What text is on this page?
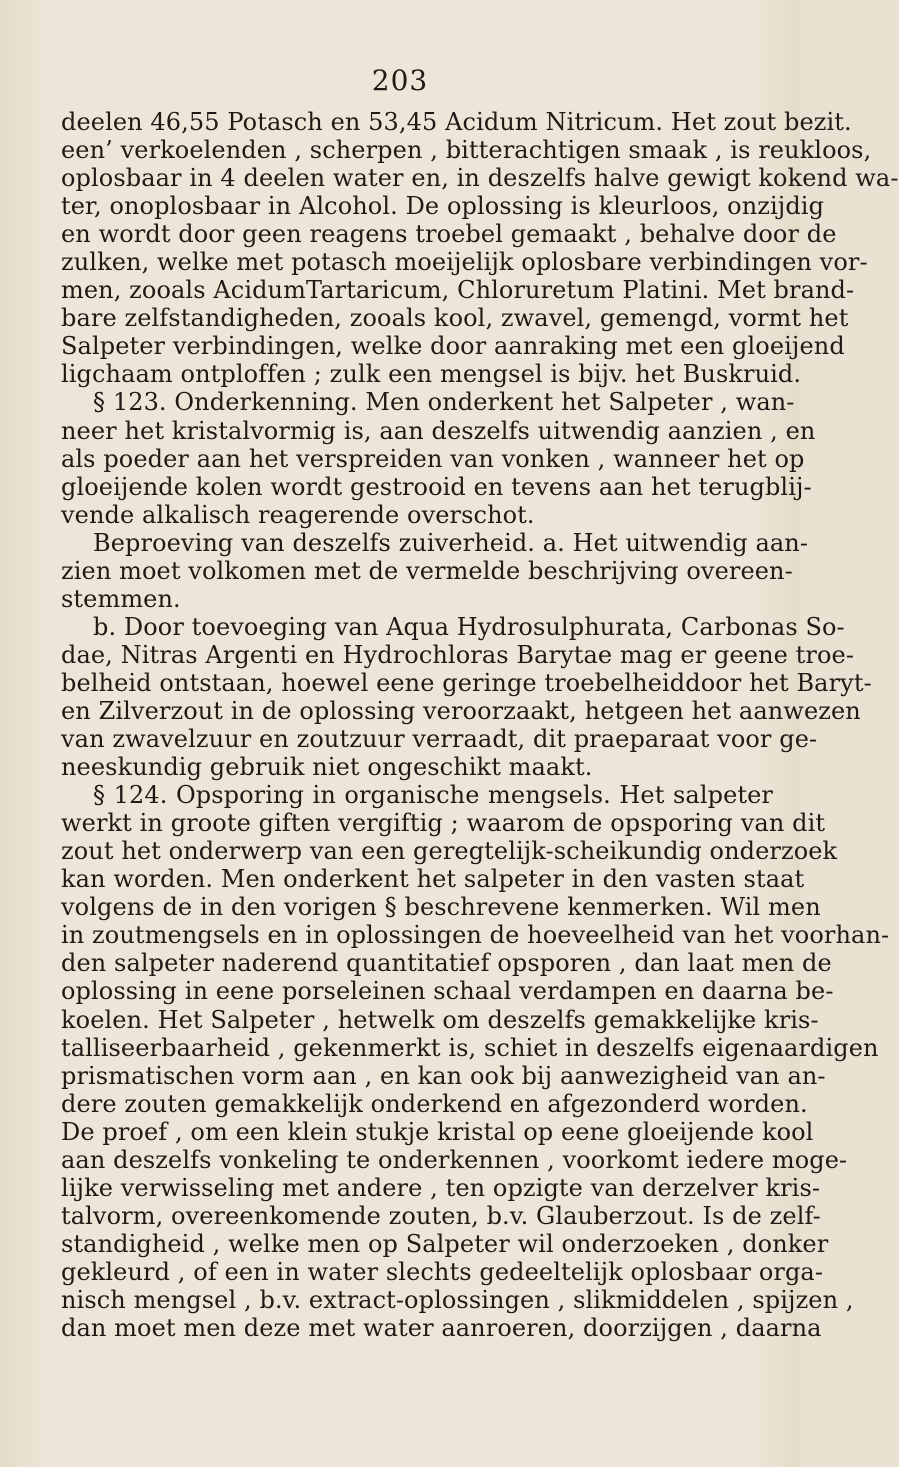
203
deelen 46,55 Potasch en 53,45 Acidum Nitricum. Het zout bezit.
een’ verkoelenden , scherpen , bitterachtigen smaak , is reukloos,
oplosbaar in 4 deelen water en, in deszelfs halve gewigt kokend wa-
ter, onoplosbaar in Alcohol. De oplossing is kleurloos, onzijdig
en wordt door geen reagens troebel gemaakt , behalve door de
zulken, welke met potasch moeijelijk oplosbare verbindingen vor-
men, zooals AcidumTartaricum, Chloruretum Platini. Met brand-
bare zelfstandigheden, zooals kool, zwavel, gemengd, vormt het
Salpeter verbindingen, welke door aanraking met een gloeijend
ligchaam ontploffen ; zulk een mengsel is bijv. het Buskruid.
§ 123. Onderkenning. Men onderkent het Salpeter , wan-
neer het kristalvormig is, aan deszelfs uitwendig aanzien , en
als poeder aan het verspreiden van vonken , wanneer het op
gloeijende kolen wordt gestrooid en tevens aan het terugblij-
vende alkalisch reagerende overschot.
Beproeving van deszelfs zuiverheid. a. Het uitwendig aan-
zien moet volkomen met de vermelde beschrijving overeen-
stemmen.
b. Door toevoeging van Aqua Hydrosulphurata, Carbonas So-
dae, Nitras Argenti en Hydrochloras Barytae mag er geene troe-
belheid ontstaan, hoewel eene geringe troebelheiddoor het Baryt-
en Zilverzout in de oplossing veroorzaakt, hetgeen het aanwezen
van zwavelzuur en zoutzuur verraadt, dit praeparaat voor ge-
neeskundig gebruik niet ongeschikt maakt.
§ 124. Opsporing in organische mengsels. Het salpeter
werkt in groote giften vergiftig ; waarom de opsporing van dit
zout het onderwerp van een geregtelijk-scheikundig onderzoek
kan worden. Men onderkent het salpeter in den vasten staat
volgens de in den vorigen § beschrevene kenmerken. Wil men
in zoutmengsels en in oplossingen de hoeveelheid van het voorhan-
den salpeter naderend quantitatief opsporen , dan laat men de
oplossing in eene porseleinen schaal verdampen en daarna be-
koelen. Het Salpeter , hetwelk om deszelfs gemakkelijke kris-
talliseerbaarheid , gekenmerkt is, schiet in deszelfs eigenaardigen
prismatischen vorm aan , en kan ook bij aanwezigheid van an-
dere zouten gemakkelijk onderkend en afgezonderd worden.
De proef , om een klein stukje kristal op eene gloeijende kool
aan deszelfs vonkeling te onderkennen , voorkomt iedere moge-
lijke verwisseling met andere , ten opzigte van derzelver kris-
talvorm, overeenkomende zouten, b.v. Glauberzout. Is de zelf-
standigheid , welke men op Salpeter wil onderzoeken , donker
gekleurd , of een in water slechts gedeeltelijk oplosbaar orga-
nisch mengsel , b.v. extract-oplossingen , slikmiddelen , spijzen ,
dan moet men deze met water aanroeren, doorzijgen , daarna
